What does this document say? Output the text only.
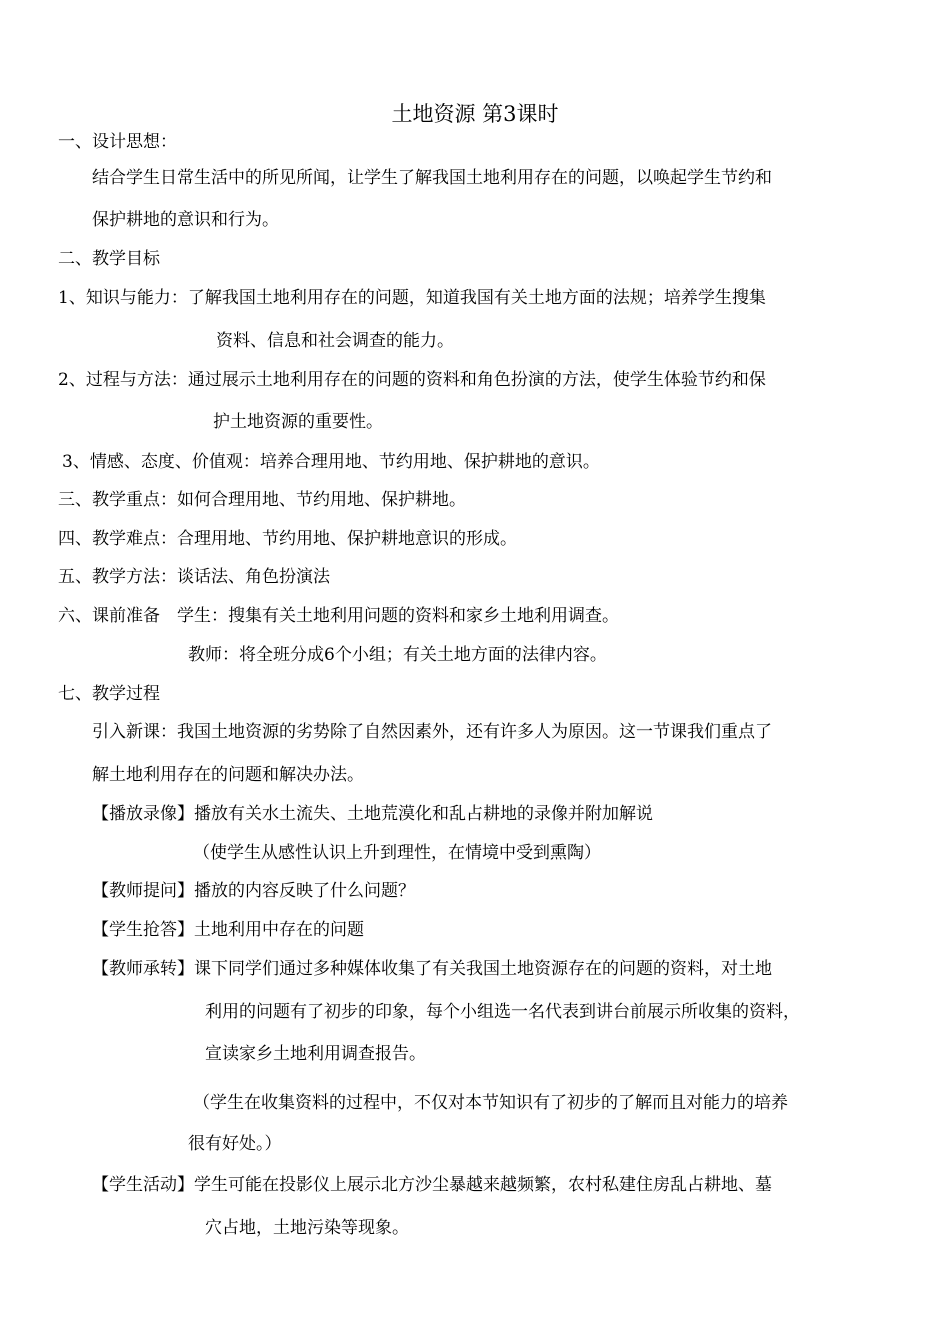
土地资源 第3课时
一、设计思想：
结合学生日常生活中的所见所闻，让学生了解我国土地利用存在的问题，以唤起学生节约和
保护耕地的意识和行为。
二、教学目标
1、知识与能力：了解我国土地利用存在的问题，知道我国有关土地方面的法规；培养学生搜集
资料、信息和社会调查的能力。
2、过程与方法：通过展示土地利用存在的问题的资料和角色扮演的方法，使学生体验节约和保
护土地资源的重要性。
3、情感、态度、价值观：培养合理用地、节约用地、保护耕地的意识。
三、教学重点：如何合理用地、节约用地、保护耕地。
四、教学难点：合理用地、节约用地、保护耕地意识的形成。
五、教学方法：谈话法、角色扮演法
六、课前准备　学生：搜集有关土地利用问题的资料和家乡土地利用调查。
教师：将全班分成6个小组；有关土地方面的法律内容。
七、教学过程
引入新课：我国土地资源的劣势除了自然因素外，还有许多人为原因。这一节课我们重点了
解土地利用存在的问题和解决办法。
【播放录像】播放有关水土流失、土地荒漠化和乱占耕地的录像并附加解说
（使学生从感性认识上升到理性，在情境中受到熏陶）
【教师提问】播放的内容反映了什么问题？
【学生抢答】土地利用中存在的问题
【教师承转】课下同学们通过多种媒体收集了有关我国土地资源存在的问题的资料，对土地
利用的问题有了初步的印象，每个小组选一名代表到讲台前展示所收集的资料，
宣读家乡土地利用调查报告。
（学生在收集资料的过程中，不仅对本节知识有了初步的了解而且对能力的培养
很有好处。）
【学生活动】学生可能在投影仪上展示北方沙尘暴越来越频繁，农村私建住房乱占耕地、墓
穴占地，土地污染等现象。
